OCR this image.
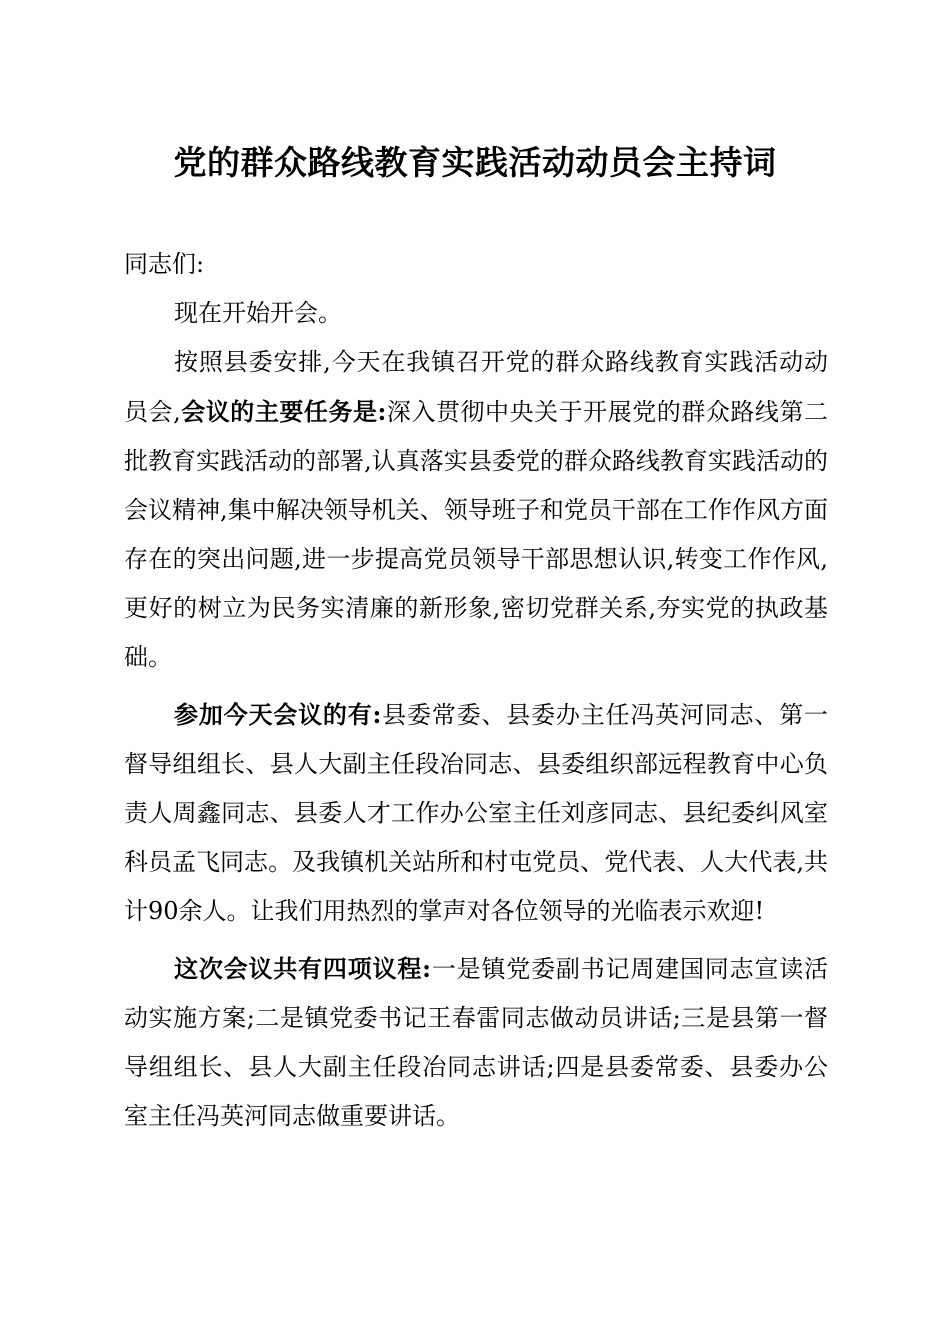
党的群众路线教育实践活动动员会主持词

同志们:

现在开始开会。

按照县委安排,今天在我镇召开党的群众路线教育实践活动动员会,会议的主要任务是:深入贯彻中央关于开展党的群众路线第二批教育实践活动的部署,认真落实县委党的群众路线教育实践活动的会议精神,集中解决领导机关、领导班子和党员干部在工作作风方面存在的突出问题,进一步提高党员领导干部思想认识,转变工作作风,更好的树立为民务实清廉的新形象,密切党群关系,夯实党的执政基础。

参加今天会议的有:县委常委、县委办主任冯英河同志、第一督导组组长、县人大副主任段冶同志、县委组织部远程教育中心负责人周鑫同志、县委人才工作办公室主任刘彦同志、县纪委纠风室科员孟飞同志。及我镇机关站所和村屯党员、党代表、人大代表,共计90余人。让我们用热烈的掌声对各位领导的光临表示欢迎!

这次会议共有四项议程:一是镇党委副书记周建国同志宣读活动实施方案;二是镇党委书记王春雷同志做动员讲话;三是县第一督导组组长、县人大副主任段冶同志讲话;四是县委常委、县委办公室主任冯英河同志做重要讲话。
